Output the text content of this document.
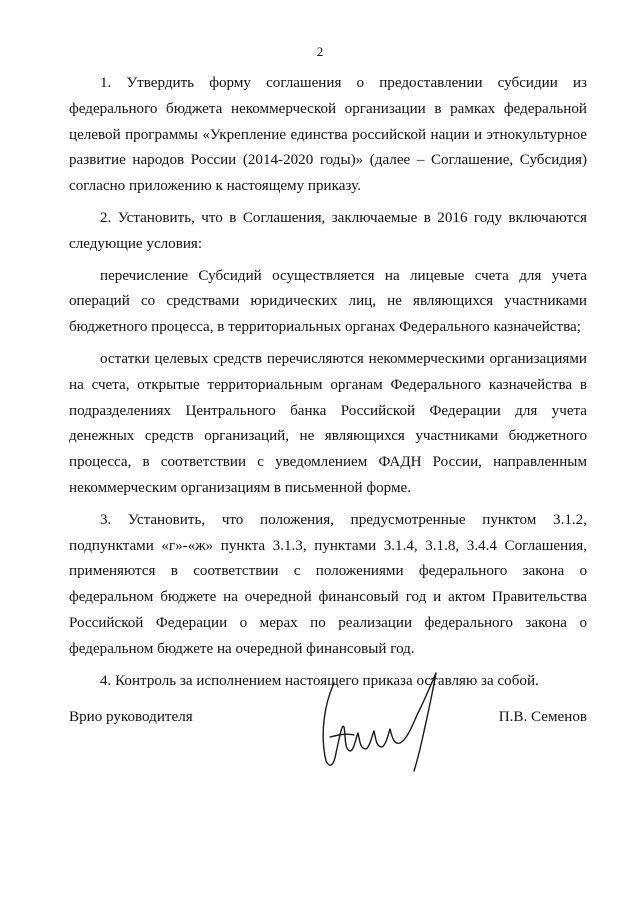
2

1. Утвердить форму соглашения о предоставлении субсидии из федерального бюджета некоммерческой организации в рамках федеральной целевой программы «Укрепление единства российской нации и этнокультурное развитие народов России (2014-2020 годы)» (далее – Соглашение, Субсидия) согласно приложению к настоящему приказу.

2. Установить, что в Соглашения, заключаемые в 2016 году включаются следующие условия:

перечисление Субсидий осуществляется на лицевые счета для учета операций со средствами юридических лиц, не являющихся участниками бюджетного процесса, в территориальных органах Федерального казначейства;

остатки целевых средств перечисляются некоммерческими организациями на счета, открытые территориальным органам Федерального казначейства в подразделениях Центрального банка Российской Федерации для учета денежных средств организаций, не являющихся участниками бюджетного процесса, в соответствии с уведомлением ФАДН России, направленным некоммерческим организациям в письменной форме.

3. Установить, что положения, предусмотренные пунктом 3.1.2, подпунктами «г»-«ж» пункта 3.1.3, пунктами 3.1.4, 3.1.8, 3.4.4 Соглашения, применяются в соответствии с положениями федерального закона о федеральном бюджете на очередной финансовый год и актом Правительства Российской Федерации о мерах по реализации федерального закона о федеральном бюджете на очередной финансовый год.

4. Контроль за исполнением настоящего приказа оставляю за собой.

Врио руководителя	П.В. Семенов
